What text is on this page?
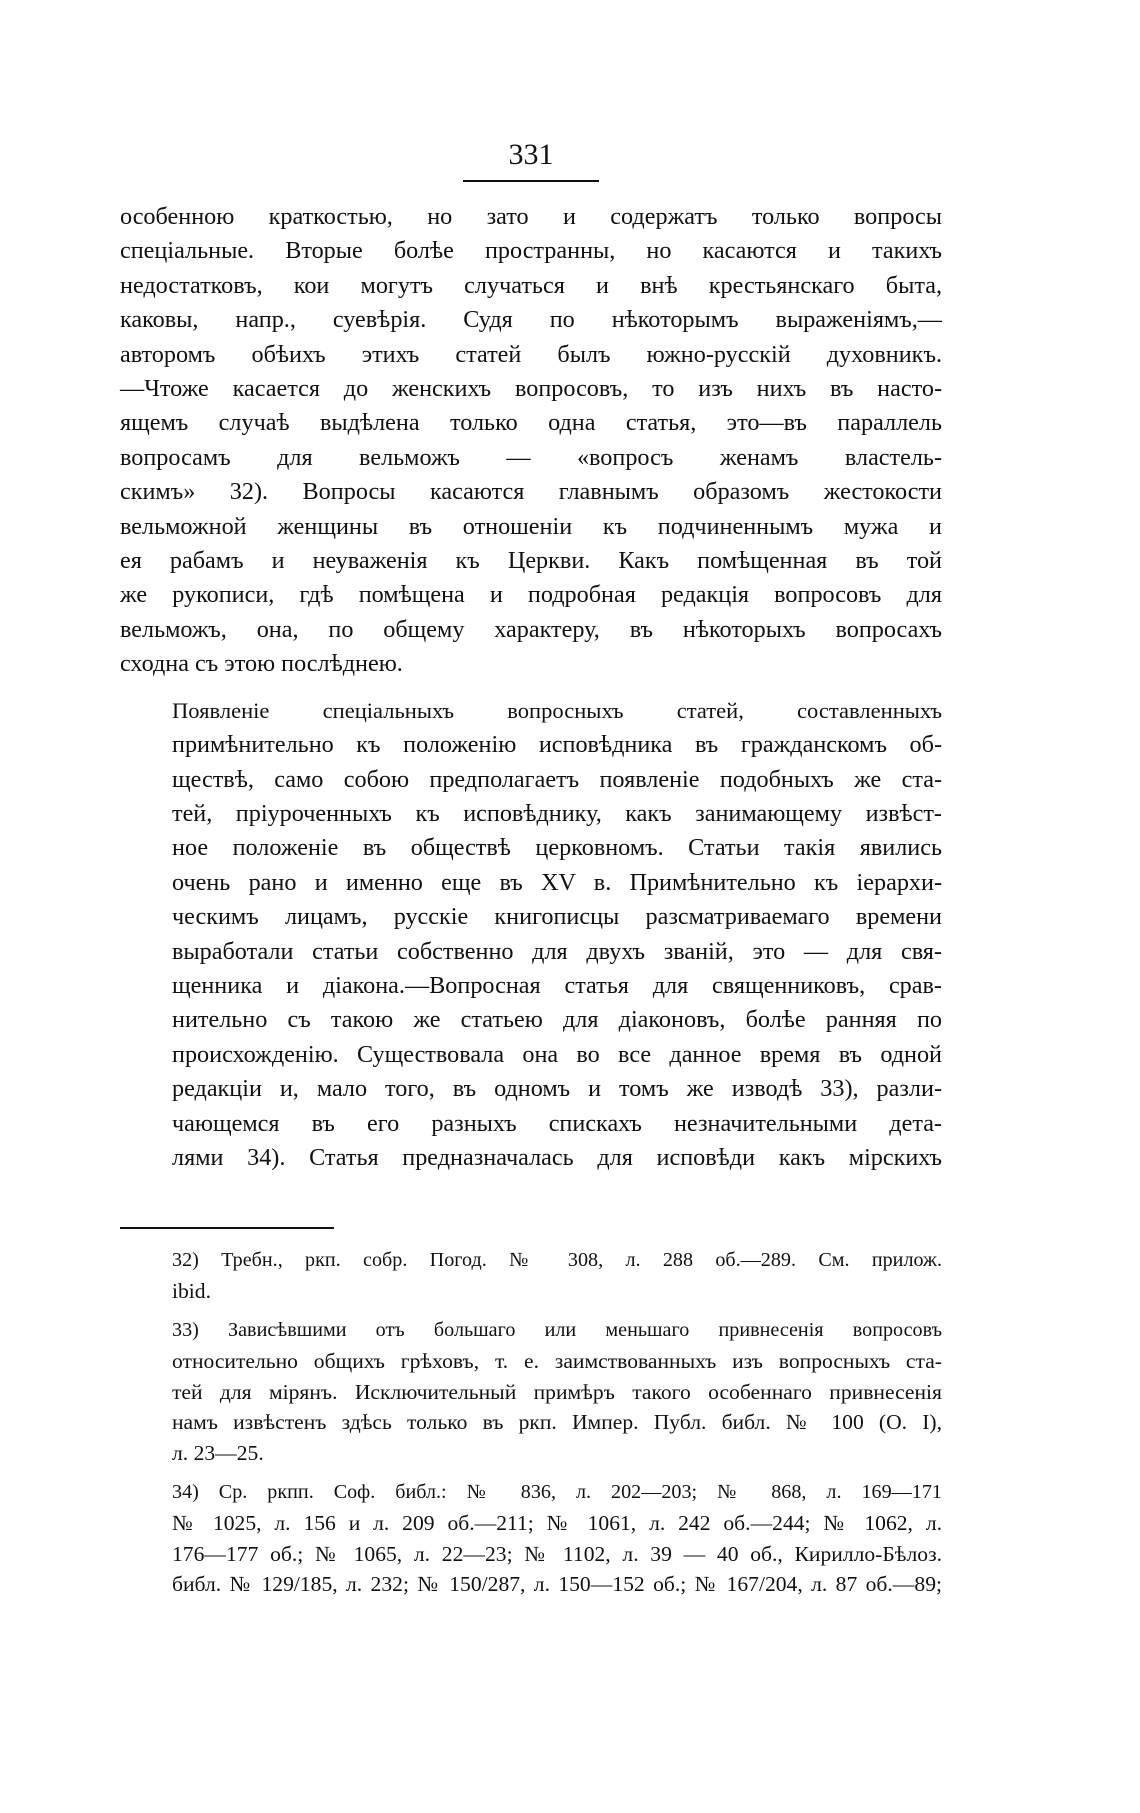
331

особенною краткостью, но зато и содержатъ только вопросы
спеціальные. Вторые болѣе пространны, но касаются и такихъ
недостатковъ, кои могутъ случаться и внѣ крестьянскаго быта,
каковы, напр., суевѣрія. Судя по нѣкоторымъ выраженіямъ,—
авторомъ обѣихъ этихъ статей былъ южно-русскій духовникъ.
—Чтоже касается до женскихъ вопросовъ, то изъ нихъ въ насто-
ящемъ случаѣ выдѣлена только одна статья, это—въ параллель
вопросамъ для вельможъ — «вопросъ женамъ властель-
скимъ» 32). Вопросы касаются главнымъ образомъ жестокости
вельможной женщины въ отношеніи къ подчиненнымъ мужа и
ея рабамъ и неуваженія къ Церкви. Какъ помѣщенная въ той
же рукописи, гдѣ помѣщена и подробная редакція вопросовъ для
вельможъ, она, по общему характеру, въ нѣкоторыхъ вопросахъ
сходна съ этою послѣднею.

Появленіе спеціальныхъ вопросныхъ статей, составленныхъ
примѣнительно къ положенію исповѣдника въ гражданскомъ об-
ществѣ, само собою предполагаетъ появленіе подобныхъ же ста-
тей, пріуроченныхъ къ исповѣднику, какъ занимающему извѣст-
ное положеніе въ обществѣ церковномъ. Статьи такія явились
очень рано и именно еще въ XV в. Примѣнительно къ іерархи-
ческимъ лицамъ, русскіе книгописцы разсматриваемаго времени
выработали статьи собственно для двухъ званій, это — для свя-
щенника и діакона.—Вопросная статья для священниковъ, срав-
нительно съ такою же статьею для діаконовъ, болѣе ранняя по
происхожденію. Существовала она во все данное время въ одной
редакціи и, мало того, въ одномъ и томъ же изводѣ 33), разли-
чающемся въ его разныхъ спискахъ незначительными дета-
лями 34). Статья предназначалась для исповѣди какъ мірскихъ

32) Требн., ркп. собр. Погод. № 308, л. 288 об.—289. См. прилож.
ibid.

33) Зависѣвшими отъ большаго или меньшаго привнесенія вопросовъ
относительно общихъ грѣховъ, т. е. заимствованныхъ изъ вопросныхъ ста-
тей для мірянъ. Исключительный примѣръ такого особеннаго привнесенія
намъ извѣстенъ здѣсь только въ ркп. Импер. Публ. библ. № 100 (О. I),
л. 23—25.

34) Ср. ркпп. Соф. библ.: № 836, л. 202—203; № 868, л. 169—171
№ 1025, л. 156 и л. 209 об.—211; № 1061, л. 242 об.—244; № 1062, л.
176—177 об.; № 1065, л. 22—23; № 1102, л. 39 — 40 об., Кирилло-Бѣлоз.
библ. № 129/185, л. 232; № 150/287, л. 150—152 об.; № 167/204, л. 87 об.—89;
